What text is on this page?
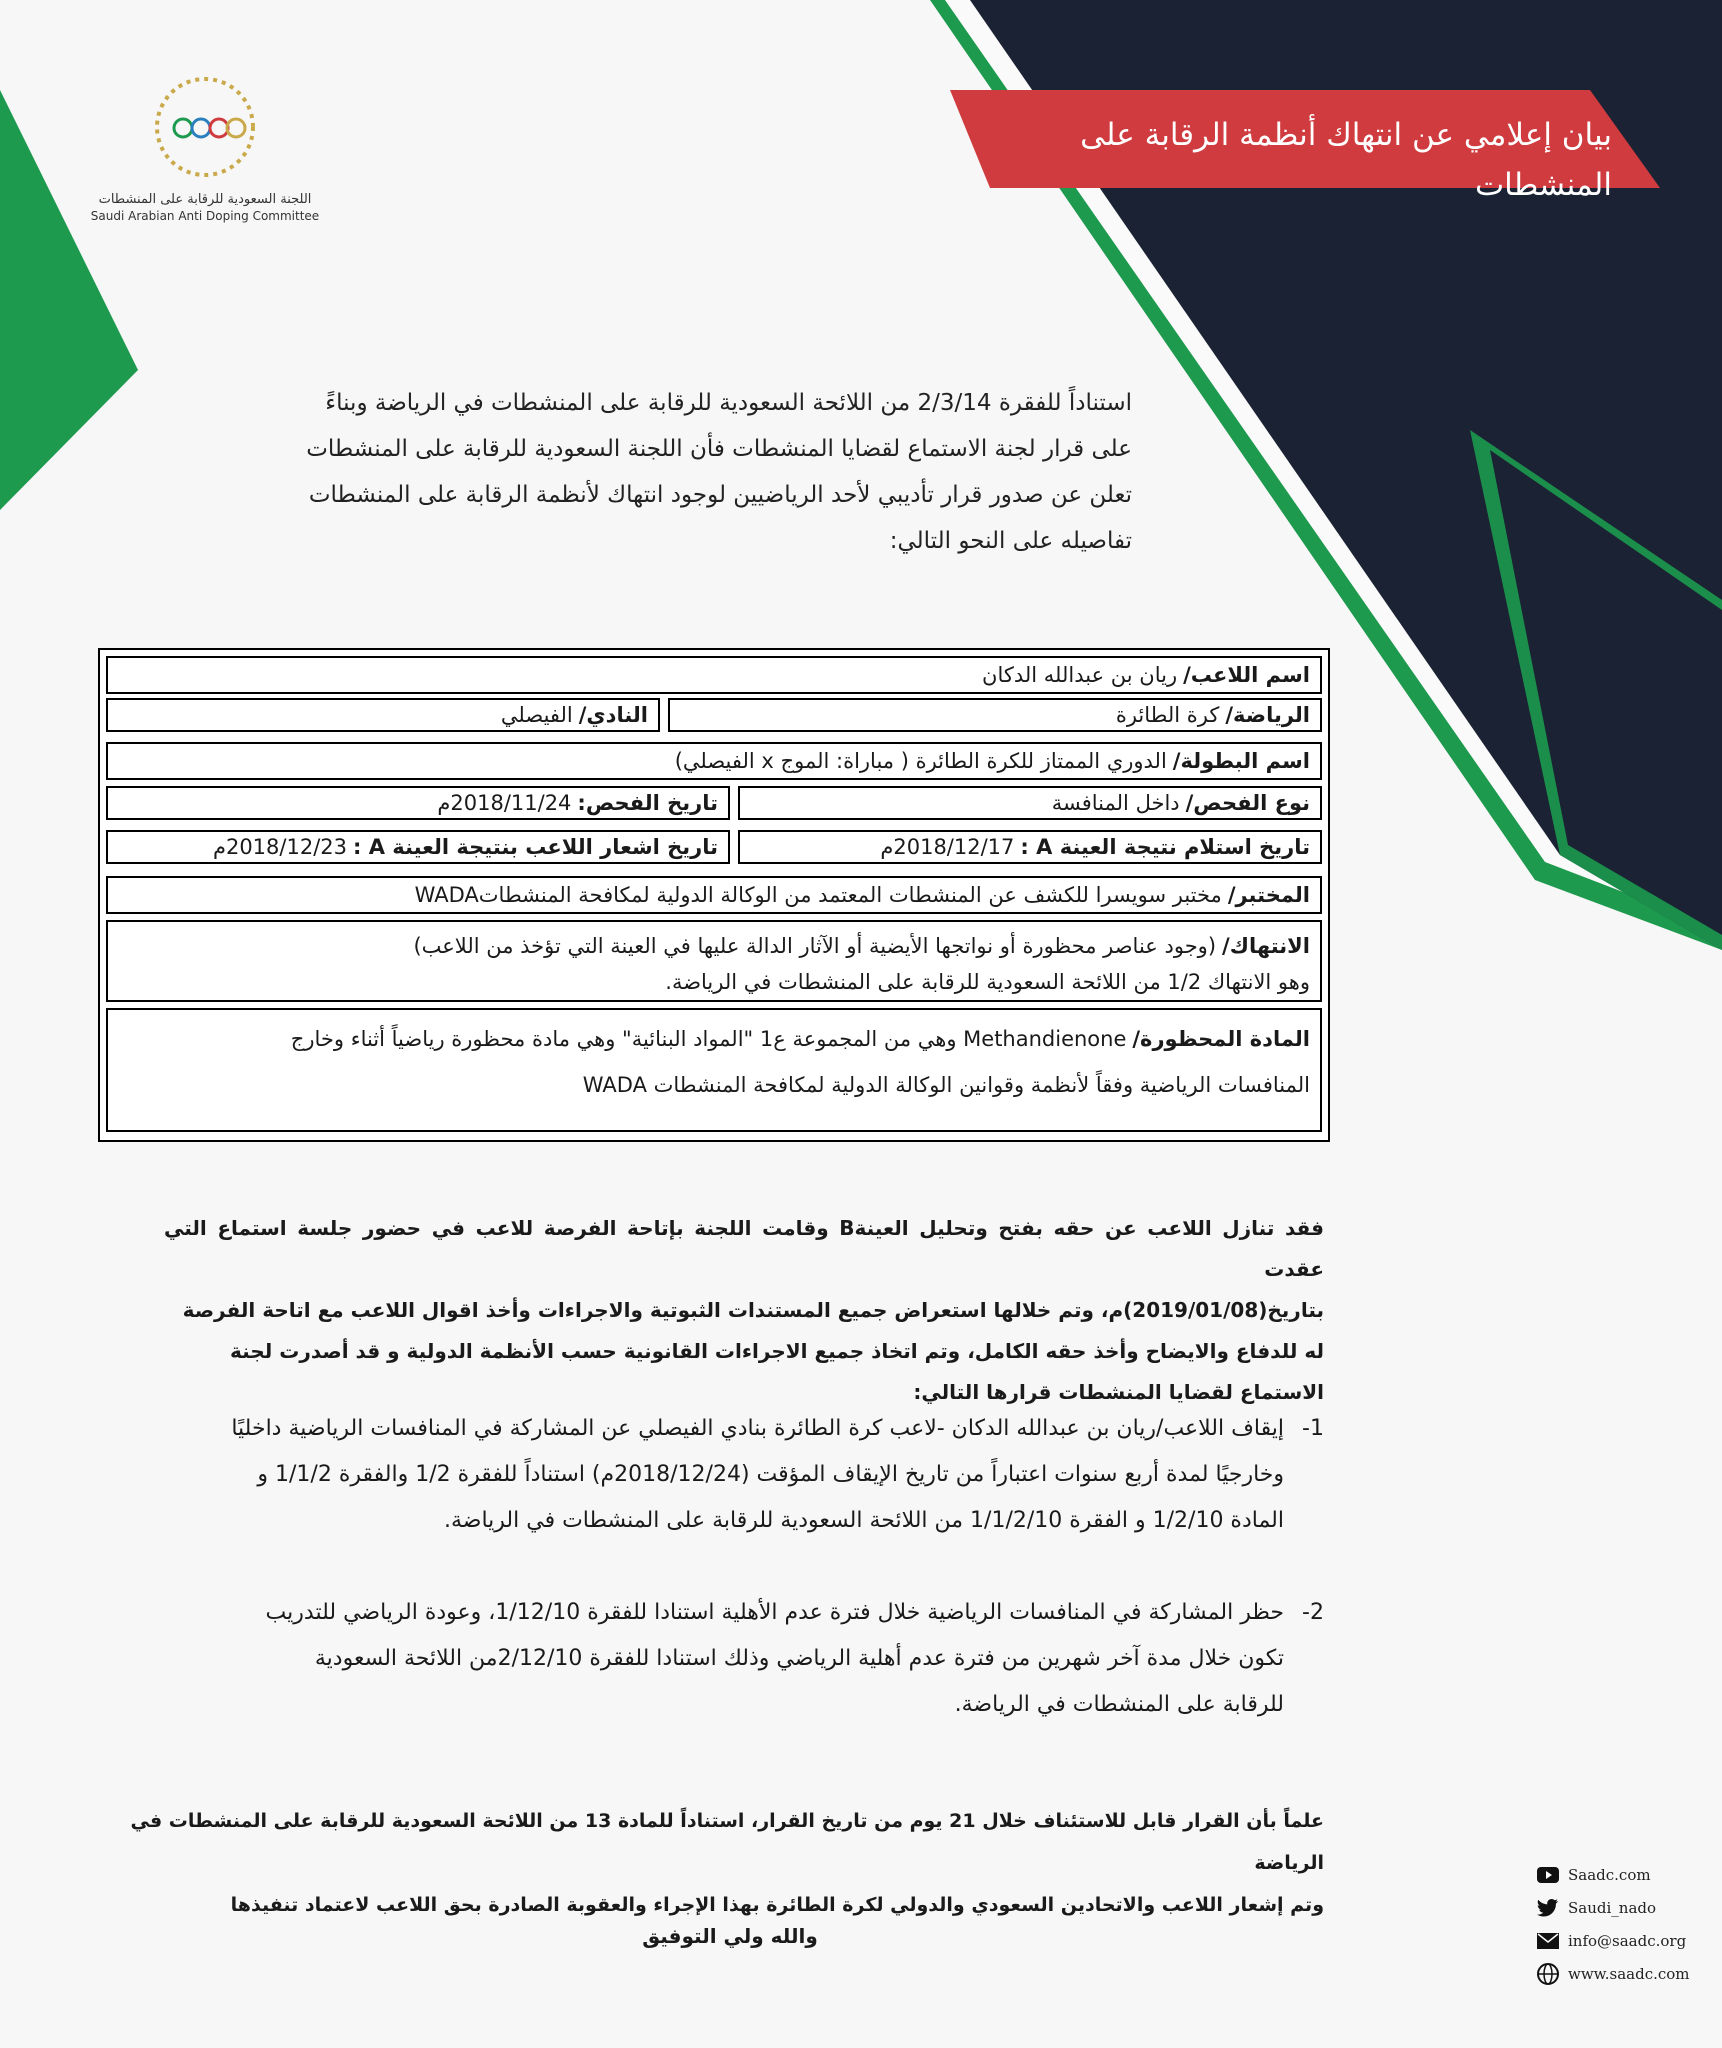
اللجنة السعودية للرقابة على المنشطات
Saudi Arabian Anti Doping Committee
بيان إعلامي عن انتهاك أنظمة الرقابة على المنشطات

استناداً للفقرة 2/3/14 من اللائحة السعودية للرقابة على المنشطات في الرياضة وبناءً

على قرار لجنة الاستماع لقضايا المنشطات فأن اللجنة السعودية للرقابة على المنشطات

تعلن عن صدور قرار تأديبي لأحد الرياضيين لوجود انتهاك لأنظمة الرقابة على المنشطات

تفاصيله على النحو التالي:

اسم اللاعب/
ريان بن عبدالله الدكان
الرياضة/
كرة الطائرة
النادي/
الفيصلي
اسم البطولة/
الدوري الممتاز للكرة الطائرة ( مباراة: الموج x الفيصلي)
نوع الفحص/
داخل المنافسة
تاريخ الفحص:
2018/11/24م
تاريخ استلام نتيجة العينة A :
2018/12/17م
تاريخ اشعار اللاعب بنتيجة العينة A :
2018/12/23م
المختبر/
مختبر سويسرا للكشف عن المنشطات المعتمد من الوكالة الدولية لمكافحة المنشطاتWADA
الانتهاك/(وجود عناصر محظورة أو نواتجها الأيضية أو الآثار الدالة عليها في العينة التي تؤخذ من اللاعب)
وهو الانتهاك 1/2 من اللائحة السعودية للرقابة على المنشطات في الرياضة.
المادة المحظورة/Methandienone وهي من المجموعة ع1 "المواد البنائية" وهي مادة محظورة رياضياً أثناء وخارج
المنافسات الرياضية وفقاً لأنظمة وقوانين الوكالة الدولية لمكافحة المنشطات WADA

فقد تنازل اللاعب عن حقه بفتح وتحليل العينةB وقامت اللجنة بإتاحة الفرصة للاعب في حضور جلسة استماع التي عقدت

بتاريخ(2019/01/08)م، وتم خلالها استعراض جميع المستندات الثبوتية والاجراءات وأخذ اقوال اللاعب مع اتاحة الفرصة

له للدفاع والايضاح وأخذ حقه الكامل، وتم اتخاذ جميع الاجراءات القانونية حسب الأنظمة الدولية و قد أصدرت لجنة

الاستماع لقضايا المنشطات قرارها التالي:

1-
إيقاف اللاعب/ريان بن عبدالله الدكان -لاعب كرة الطائرة بنادي الفيصلي عن المشاركة في المنافسات الرياضية داخليًا
وخارجيًا لمدة أربع سنوات اعتباراً من تاريخ الإيقاف المؤقت (2018/12/24م) استناداً للفقرة 1/2 والفقرة 1/1/2 و
المادة 1/2/10 و الفقرة 1/1/2/10 من اللائحة السعودية للرقابة على المنشطات في الرياضة.
2-
حظر المشاركة في المنافسات الرياضية خلال فترة عدم الأهلية استنادا للفقرة 1/12/10، وعودة الرياضي للتدريب
تكون خلال مدة آخر شهرين من فترة عدم أهلية الرياضي وذلك استنادا للفقرة 2/12/10من اللائحة السعودية
للرقابة على المنشطات في الرياضة.

علماً بأن القرار قابل للاستئناف خلال 21 يوم من تاريخ القرار، استناداً للمادة 13 من اللائحة السعودية للرقابة على المنشطات في الرياضة

وتم إشعار اللاعب والاتحادين السعودي والدولي لكرة الطائرة بهذا الإجراء والعقوبة الصادرة بحق اللاعب لاعتماد تنفيذها

والله ولي التوفيق
Saadc.com
Saudi_nado
info@saadc.org
www.saadc.com
